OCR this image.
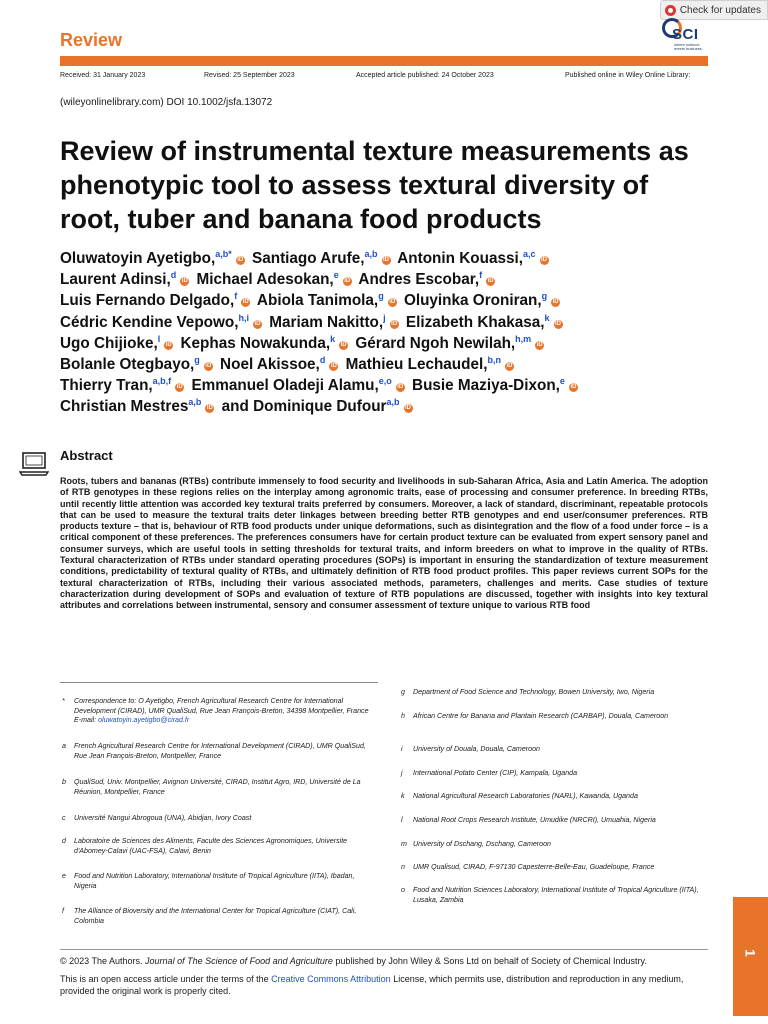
Review
Check for updates
SCI
where science meets business
Received: 31 January 2023	Revised: 25 September 2023	Accepted article published: 24 October 2023	Published online in Wiley Online Library:
(wileyonlinelibrary.com) DOI 10.1002/jsfa.13072
Review of instrumental texture measurements as phenotypic tool to assess textural diversity of root, tuber and banana food products
Oluwatoyin Ayetigbo,$^{a,b*}$iD Santiago Arufe,$^{a,b}$iD Antonin Kouassi,$^{a,c}$iD
Laurent Adinsi,$^d$iD Michael Adesokan,$^e$iD Andres Escobar,$^f$iD
Luis Fernando Delgado,$^f$iD Abiola Tanimola,$^g$iD Oluyinka Oroniran,$^g$iD
Cédric Kendine Vepowo,$^{h,i}$iD Mariam Nakitto,$^j$iD Elizabeth Khakasa,$^k$iD
Ugo Chijioke,$^l$iD Kephas Nowakunda,$^k$iD Gérard Ngoh Newilah,$^{h,m}$iD
Bolanle Otegbayo,$^g$iD Noel Akissoe,$^d$iD Mathieu Lechaudel,$^{b,n}$iD
Thierry Tran,$^{a,b,f}$iD Emmanuel Oladeji Alamu,$^{e,o}$iD Busie Maziya-Dixon,$^e$iD
Christian Mestres$^{a,b}$iD and Dominique Dufour$^{a,b}$iD
Abstract
Roots, tubers and bananas (RTBs) contribute immensely to food security and livelihoods in sub-Saharan Africa, Asia and Latin America. The adoption of RTB genotypes in these regions relies on the interplay among agronomic traits, ease of processing and consumer preference. In breeding RTBs, until recently little attention was accorded key textural traits preferred by consumers. Moreover, a lack of standard, discriminant, repeatable protocols that can be used to measure the textural traits deter linkages between breeding better RTB genotypes and end user/consumer preferences. RTB products texture – that is, behaviour of RTB food products under unique deformations, such as disintegration and the flow of a food under force – is a critical component of these preferences. The preferences consumers have for certain product texture can be evaluated from expert sensory panel and consumer surveys, which are useful tools in setting thresholds for textural traits, and inform breeders on what to improve in the quality of RTBs. Textural characterization of RTBs under standard operating procedures (SOPs) is important in ensuring the standardization of texture measurement conditions, predictability of textural quality of RTBs, and ultimately definition of RTB food product profiles. This paper reviews current SOPs for the textural characterization of RTBs, including their various associated methods, parameters, challenges and merits. Case studies of texture characterization during development of SOPs and evaluation of texture of RTB populations are discussed, together with insights into key textural attributes and correlations between instrumental, sensory and consumer assessment of texture unique to various RTB food
*	Correspondence to: O Ayetigbo, French Agricultural Research Centre for International Development (CIRAD), UMR QualiSud, Rue Jean François-Breton, 34398 Montpellier, France E-mail: oluwatoyin.ayetigbo@cirad.fr
a	French Agricultural Research Centre for International Development (CIRAD), UMR QualiSud, Rue Jean François-Breton, Montpellier, France
b	QualiSud, Univ. Montpellier, Avignon Université, CIRAD, Institut Agro, IRD, Université de La Réunion, Montpellier, France
c	Université Nangui Abrogoua (UNA), Abidjan, Ivory Coast
d	Laboratoire de Sciences des Aliments, Faculte des Sciences Agronomiques, Universite d'Abomey-Calavi (UAC-FSA), Calavi, Benin
e	Food and Nutrition Laboratory, International Institute of Tropical Agriculture (IITA), Ibadan, Nigeria
f	The Alliance of Bioversity and the International Center for Tropical Agriculture (CIAT), Cali, Colombia
g	Department of Food Science and Technology, Bowen University, Iwo, Nigeria
h	African Centre for Banana and Plantain Research (CARBAP), Douala, Cameroon
i	University of Douala, Douala, Cameroon
j	International Potato Center (CIP), Kampala, Uganda
k	National Agricultural Research Laboratories (NARL), Kawanda, Uganda
l	National Root Crops Research Institute, Umudike (NRCRI), Umuahia, Nigeria
m University of Dschang, Dschang, Cameroon
n	UMR Qualisud, CIRAD, F-97130 Capesterre-Belle-Eau, Guadeloupe, France
o	Food and Nutrition Sciences Laboratory, International Institute of Tropical Agriculture (IITA), Lusaka, Zambia
© 2023 The Authors. Journal of The Science of Food and Agriculture published by John Wiley & Sons Ltd on behalf of Society of Chemical Industry.
This is an open access article under the terms of the Creative Commons Attribution License, which permits use, distribution and reproduction in any medium, provided the original work is properly cited.
1
